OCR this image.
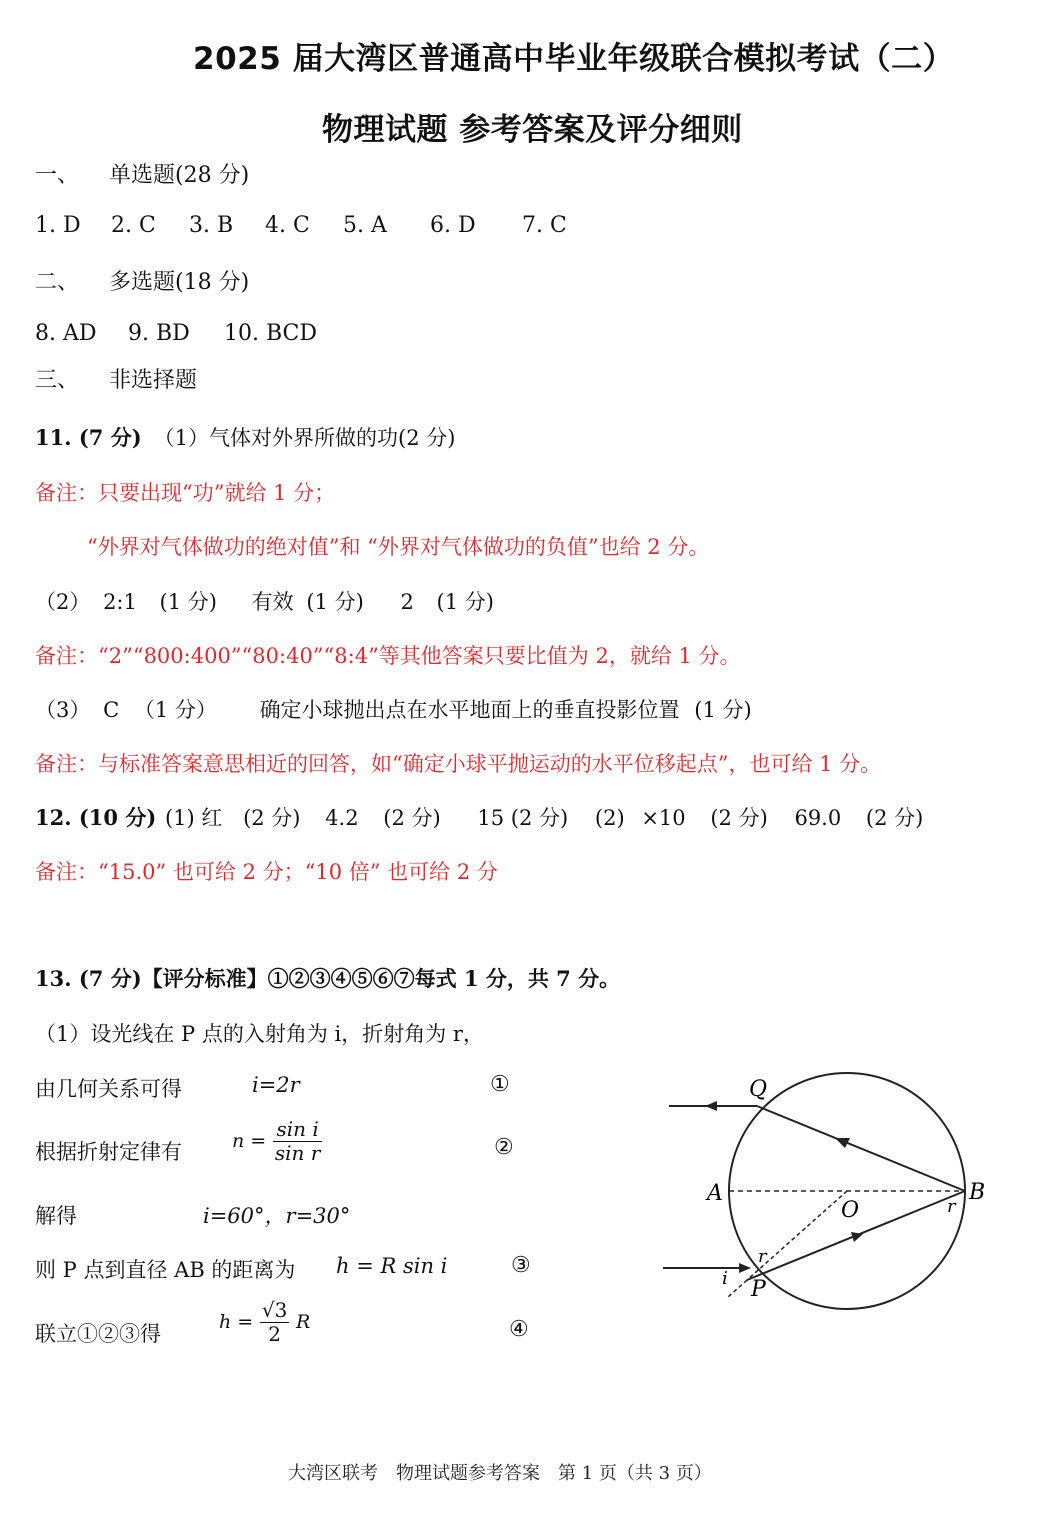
2025 届大湾区普通高中毕业年级联合模拟考试（二）
物理试题 参考答案及评分细则
一、 单选题(28 分)
1. D 2. C 3. B 4. C 5. A 6. D 7. C
二、 多选题(18 分)
8. AD 9. BD 10. BCD
三、 非选择题
11. (7 分) （1）气体对外界所做的功(2 分)
备注：只要出现“功”就给 1 分；
“外界对气体做功的绝对值”和 “外界对气体做功的负值”也给 2 分。
（2） 2:1 (1 分) 有效 (1 分) 2 (1 分)
备注：“2”“800:400”“80:40”“8:4”等其他答案只要比值为 2，就给 1 分。
（3） C （1 分） 确定小球抛出点在水平地面上的垂直投影位置 (1 分)
备注：与标准答案意思相近的回答，如“确定小球平抛运动的水平位移起点”，也可给 1 分。
12. (10 分) (1) 红 (2 分) 4.2 (2 分) 15 (2 分) (2) ×10 (2 分) 69.0 (2 分)
备注：“15.0” 也可给 2 分；“10 倍” 也可给 2 分
13. (7 分)【评分标准】①②③④⑤⑥⑦每式 1 分，共 7 分。
（1）设光线在 P 点的入射角为 i，折射角为 r，
由几何关系可得	i=2r	①
根据折射定律有	$n = \frac{\text{sin i}}{\text{sin r}}$	②
解得	i=60°，r=30°
则 P 点到直径 AB 的距离为 h = R sin i	③
联立①②③得	$h = \frac{√3}{2}$ R	④
Q
A	B
O
P
r
r
i
大湾区联考　物理试题参考答案　第 1 页（共 3 页）
